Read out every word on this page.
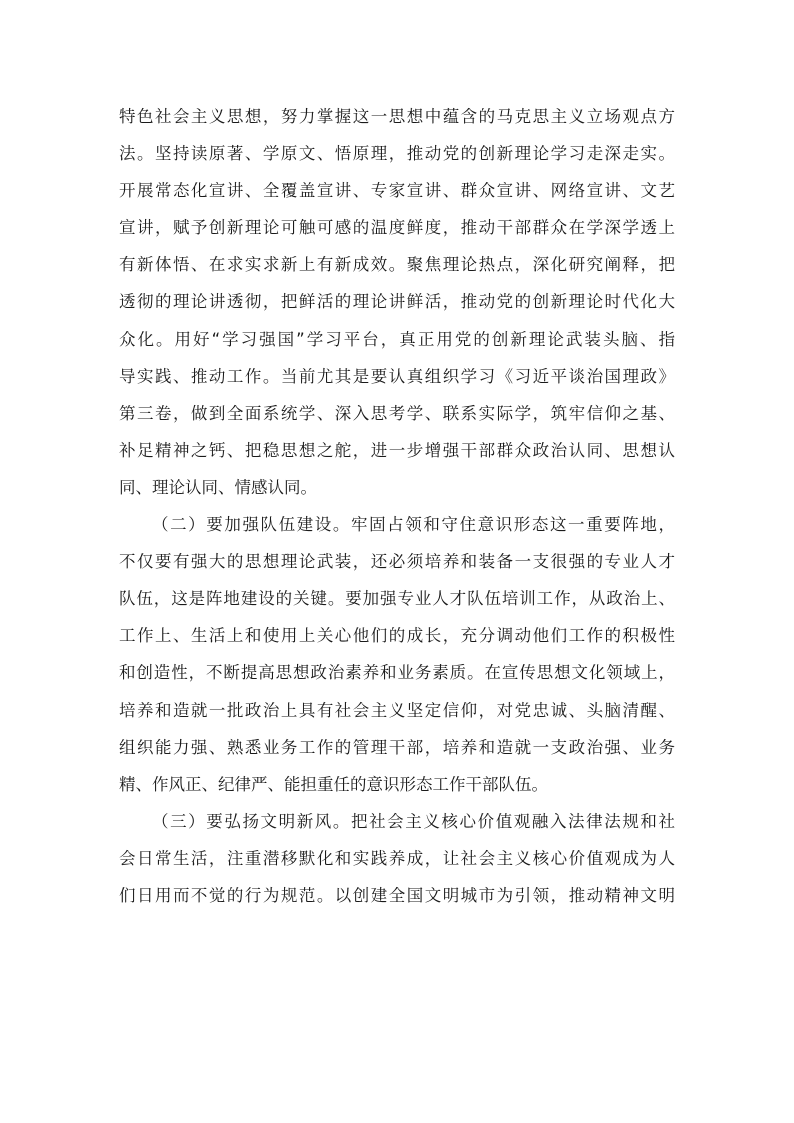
特色社会主义思想，努力掌握这一思想中蕴含的马克思主义立场观点方
法。坚持读原著、学原文、悟原理，推动党的创新理论学习走深走实。
开展常态化宣讲、全覆盖宣讲、专家宣讲、群众宣讲、网络宣讲、文艺
宣讲，赋予创新理论可触可感的温度鲜度，推动干部群众在学深学透上
有新体悟、在求实求新上有新成效。聚焦理论热点，深化研究阐释，把
透彻的理论讲透彻，把鲜活的理论讲鲜活，推动党的创新理论时代化大
众化。用好“学习强国”学习平台，真正用党的创新理论武装头脑、指
导实践、推动工作。当前尤其是要认真组织学习《习近平谈治国理政》
第三卷，做到全面系统学、深入思考学、联系实际学，筑牢信仰之基、
补足精神之钙、把稳思想之舵，进一步增强干部群众政治认同、思想认
同、理论认同、情感认同。
（二）要加强队伍建设。牢固占领和守住意识形态这一重要阵地，
不仅要有强大的思想理论武装，还必须培养和装备一支很强的专业人才
队伍，这是阵地建设的关键。要加强专业人才队伍培训工作，从政治上、
工作上、生活上和使用上关心他们的成长，充分调动他们工作的积极性
和创造性，不断提高思想政治素养和业务素质。在宣传思想文化领域上，
培养和造就一批政治上具有社会主义坚定信仰，对党忠诚、头脑清醒、
组织能力强、熟悉业务工作的管理干部，培养和造就一支政治强、业务
精、作风正、纪律严、能担重任的意识形态工作干部队伍。
（三）要弘扬文明新风。把社会主义核心价值观融入法律法规和社
会日常生活，注重潜移默化和实践养成，让社会主义核心价值观成为人
们日用而不觉的行为规范。以创建全国文明城市为引领，推动精神文明
